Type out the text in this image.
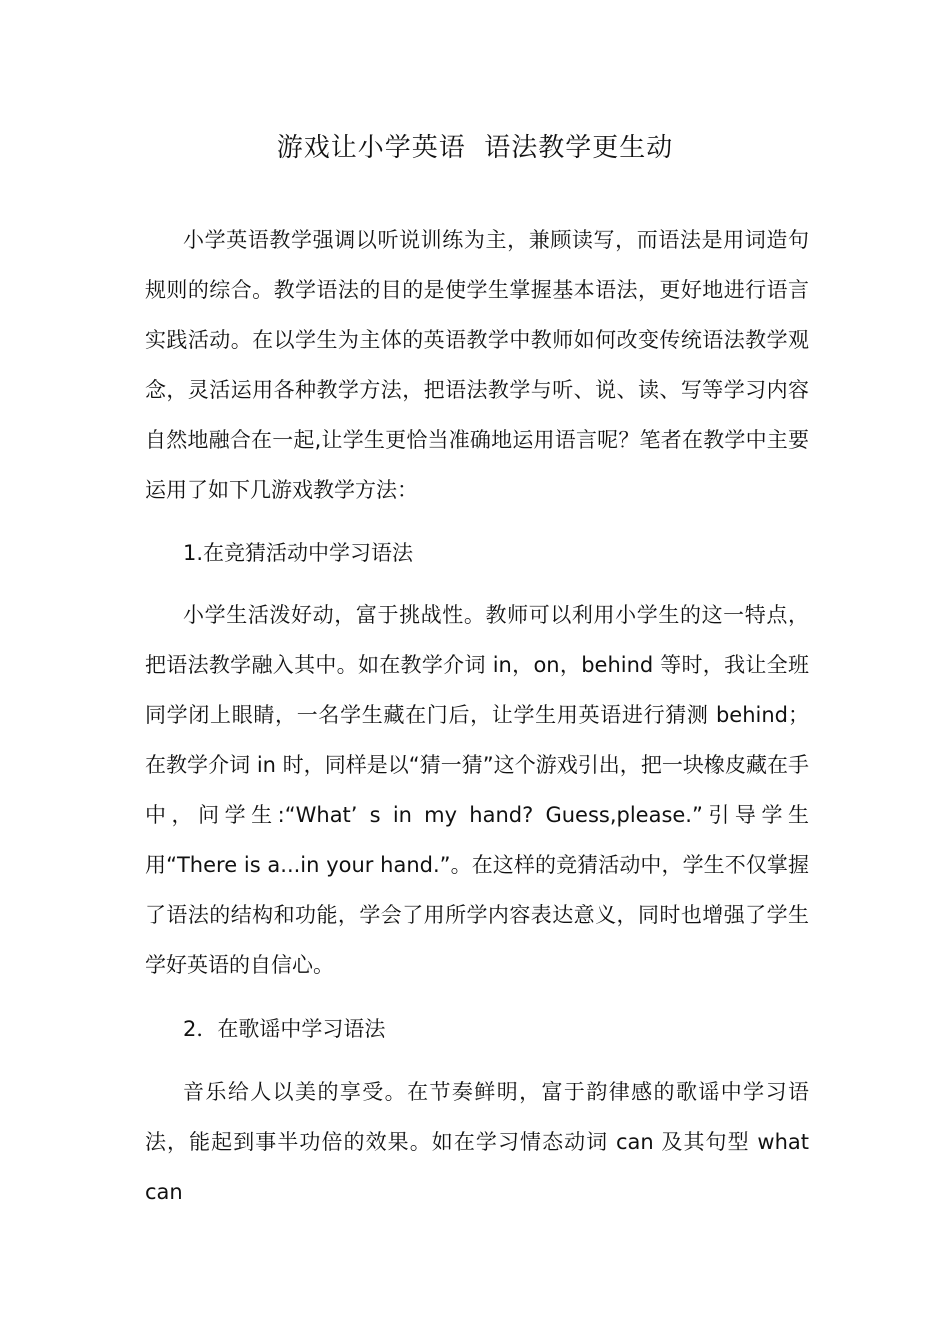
游戏让小学英语  语法教学更生动

小学英语教学强调以听说训练为主，兼顾读写，而语法是用词造句规则的综合。教学语法的目的是使学生掌握基本语法，更好地进行语言实践活动。在以学生为主体的英语教学中教师如何改变传统语法教学观念，灵活运用各种教学方法，把语法教学与听、说、读、写等学习内容自然地融合在一起,让学生更恰当准确地运用语言呢？笔者在教学中主要运用了如下几游戏教学方法：

1.在竞猜活动中学习语法

小学生活泼好动，富于挑战性。教师可以利用小学生的这一特点，把语法教学融入其中。如在教学介词 in，on，behind 等时，我让全班同学闭上眼睛，一名学生藏在门后，让学生用英语进行猜测 behind；在教学介词 in 时，同样是以“猜一猜”这个游戏引出，把一块橡皮藏在手中，问学生:“What’ s in my hand? Guess,please.”引导学生用“There is a...in your hand.”。在这样的竞猜活动中，学生不仅掌握了语法的结构和功能，学会了用所学内容表达意义，同时也增强了学生学好英语的自信心。

2．在歌谣中学习语法

音乐给人以美的享受。在节奏鲜明，富于韵律感的歌谣中学习语法，能起到事半功倍的效果。如在学习情态动词 can 及其句型 what can
